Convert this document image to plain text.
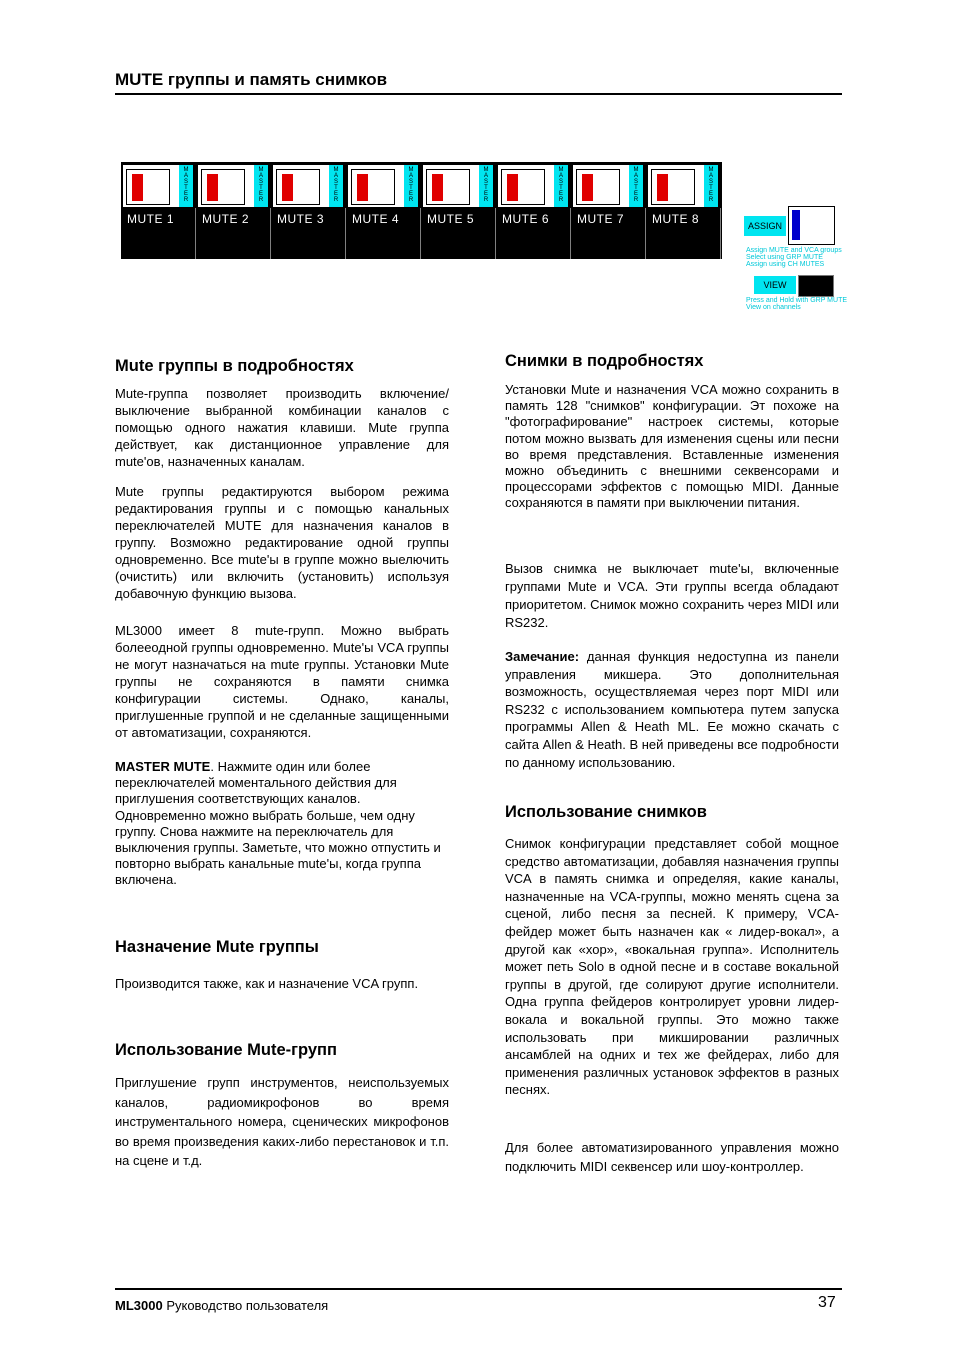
MUTE группы и память снимков
M
A
S
T
E
R
MUTE 1
M
A
S
T
E
R
MUTE 2
M
A
S
T
E
R
MUTE 3
M
A
S
T
E
R
MUTE 4
M
A
S
T
E
R
MUTE 5
M
A
S
T
E
R
MUTE 6
M
A
S
T
E
R
MUTE 7
M
A
S
T
E
R
MUTE 8	ASSIGN
Assign MUTE and VCA groups
Select using GRP MUTE
Assign using CH MUTES
VIEW
Press and Hold with GRP MUTE
View on channels
Mute группы в подробностях

Mute-группа позволяет производить включение/выключение выбранной комбинации каналов с помощью одного нажатия клавиши. Mute группа действует, как дистанционное управление для mute'ов, назначенных каналам.

Mute группы редактируются выбором режима редактирования группы и с помощью канальных переключателей MUTE для назначения каналов в группу. Возможно редактирование одной группы одновременно. Все mute'ы в группе можно выелючить (очистить) или включить (установить) используя добавочную функцию вызова.

ML3000 имеет 8 mute-групп. Можно выбрать болееодной группы одновременно. Mute'ы VCA группы не могут назначаться на mute группы. Установки Mute группы не сохраняются в памяти снимка конфигурации системы. Однако, каналы, приглушенные группой и не сделанные защищенными от автоматизации, сохраняются.

MASTER MUTE. Нажмите один или более переключателей моментального действия для приглушения соответствующих каналов. Одновременно можно выбрать больше, чем одну группу. Снова нажмите на переключатель для выключения группы. Заметьте, что можно отпустить и повторно выбрать канальные mute'ы, когда группа включена.

Назначение Mute группы

Производится также, как и назначение VCA групп.

Использование Mute-групп

Приглушение групп инструментов, неиспользуемых каналов, радиомикрофонов во время инструментального номера, сценических микрофонов во время произведения каких-либо перестановок и т.п. на сцене и т.д.

Снимки в подробностях

Установки Mute и назначения VCA можно сохранить в память 128 "снимков" конфигурации. Эт похоже на "фотографирование" настроек системы, которые потом можно вызвать для изменения сцены или песни во время представления. Вставленные изменения можно объединить с внешними секвенсорами и процессорами эффектов с помощью MIDI. Данные сохраняются в памяти при выключении питания.

Вызов снимка не выключает mute'ы, включенные группами Mute и VCA. Эти группы всегда обладают приоритетом. Снимок можно сохранить через MIDI или RS232.

Замечание: данная функция недоступна из панели управления микшера. Это дополнительная возможность, осуществляемая через порт MIDI или RS232 с использованием компьютера путем запуска программы Allen & Heath ML. Ее можно скачать с сайта Allen & Heath. В ней приведены все подробности по данному использованию.

Использование снимков

Снимок конфигурации представляет собой мощное средство автоматизации, добавляя назначения группы VCA в память снимка и определяя, какие каналы, назначенные на VCA-группы, можно менять сцена за сценой, либо песня за песней. К примеру, VCA-фейдер может быть назначен как « лидер-вокал», а другой как «хор», «вокальная группа». Исполнитель может петь Solo в одной песне и в составе вокальной группы в другой, где солируют другие исполнители. Одна группа фейдеров контролирует уровни лидер-вокала и вокальной группы. Это можно также использовать при микшировании различных ансамблей на одних и тех же фейдерах, либо для применения различных установок эффектов в разных песнях.

Для более автоматизированного управления можно подключить MIDI секвенсер или шоу-контроллер.

ML3000 Руководство пользователя	37
